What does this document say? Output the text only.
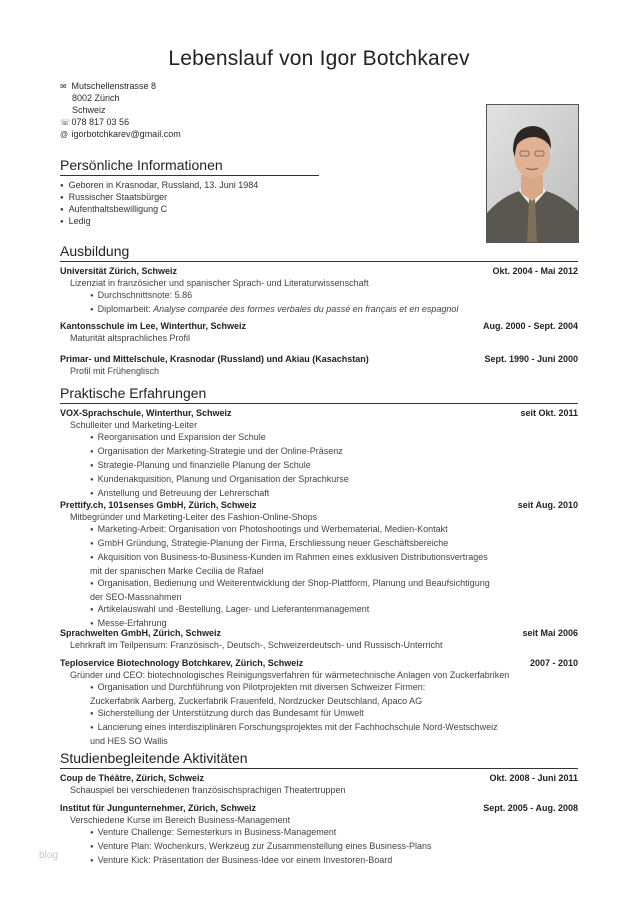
Lebenslauf von Igor Botchkarev
✉ Mutschellenstrasse 8
8002 Zürich
Schweiz
☏ 078 817 03 56
@ igorbotchkarev@gmail.com
Persönliche Informationen
● Geboren in Krasnodar, Russland, 13. Juni 1984
● Russischer Staatsbürger
● Aufenthaltsbewilligung C
● Ledig
Ausbildung
Universität Zürich, Schweiz	Okt. 2004 - Mai 2012
Lizenziat in französicher und spanischer Sprach- und Literaturwissenschaft
● Durchschnittsnote: 5.86
● Diplomarbeit: Analyse comparée des formes verbales du passé en français et en espagnol
Kantonsschule im Lee, Winterthur, Schweiz	Aug. 2000 - Sept. 2004
Maturität altsprachliches Profil
Primar- und Mittelschule, Krasnodar (Russland) und Akiau (Kasachstan)	Sept. 1990 - Juni 2000
Profil mit Frühenglisch
Praktische Erfahrungen
VOX-Sprachschule, Winterthur, Schweiz	seit Okt. 2011
Schulleiter und Marketing-Leiter
● Reorganisation und Expansion der Schule
● Organisation der Marketing-Strategie und der Online-Präsenz
● Strategie-Planung und finanzielle Planung der Schule
● Kundenakquisition, Planung und Organisation der Sprachkurse
● Anstellung und Betreuung der Lehrerschaft
Prettify.ch, 101senses GmbH, Zürich, Schweiz	seit Aug. 2010
Mitbegründer und Marketing-Leiter des Fashion-Online-Shops
● Marketing-Arbeit: Organisation von Photoshootings und Werbematerial, Medien-Kontakt
● GmbH Gründung, Strategie-Planung der Firma, Erschliessung neuer Geschäftsbereiche
● Akquisition von Business-to-Business-Kunden im Rahmen eines exklusiven Distributionsvertrages
mit der spanischen Marke Cecilia de Rafael
● Organisation, Bedienung und Weiterentwicklung der Shop-Plattform, Planung und Beaufsichtigung
der SEO-Massnahmen
● Artikelauswahl und -Bestellung, Lager- und Lieferantenmanagement
● Messe-Erfahrung
Sprachwelten GmbH, Zürich, Schweiz	seit Mai 2006
Lehrkraft im Teilpensum: Französisch-, Deutsch-, Schweizerdeutsch- und Russisch-Unterricht
Teploservice Biotechnology Botchkarev, Zürich, Schweiz	2007 - 2010
Gründer und CEO: biotechnologisches Reinigungsverfahren für wärmetechnische Anlagen von Zuckerfabriken
● Organisation und Durchführung von Pilotprojekten mit diversen Schweizer Firmen:
Zuckerfabrik Aarberg, Zuckerfabrik Frauenfeld, Nordzucker Deutschland, Apaco AG
● Sicherstellung der Unterstützung durch das Bundesamt für Umwelt
● Lancierung eines interdisziplinären Forschungsprojektes mit der Fachhochschule Nord-Westschweiz
und HES SO Wallis
Studienbegleitende Aktivitäten
Coup de Théâtre, Zürich, Schweiz	Okt. 2008 - Juni 2011
Schauspiel bei verschiedenen französischsprachigen Theatertruppen
Institut für Jungunternehmer, Zürich, Schweiz	Sept. 2005 - Aug. 2008
Verschiedene Kurse im Bereich Business-Management
● Venture Challenge: Semesterkurs in Business-Management
● Venture Plan: Wochenkurs, Werkzeug zur Zusammenstellung eines Business-Plans
● Venture Kick: Präsentation der Business-Idee vor einem Investoren-Board
blog
